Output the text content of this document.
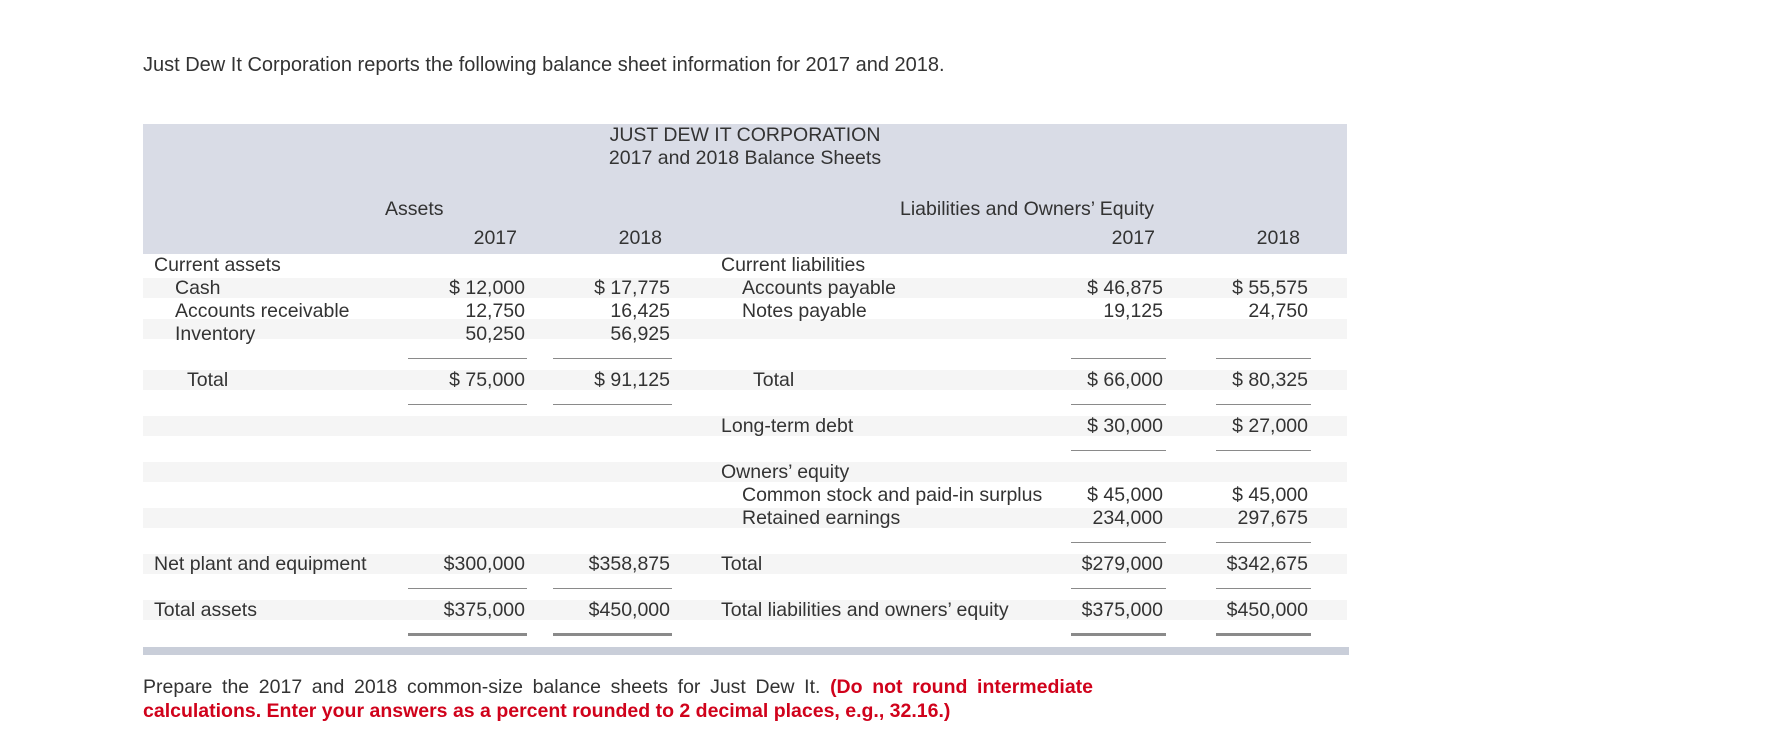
Just Dew It Corporation reports the following balance sheet information for 2017 and 2018.
JUST DEW IT CORPORATION
2017 and 2018 Balance Sheets
Assets	Liabilities and Owners’ Equity
2017	2018	2017	2018
Current assets
Cash	$ 12,000	$ 17,775
Accounts receivable	12,750	16,425
Inventory	50,250	56,925
Total	$ 75,000	$ 91,125
Net plant and equipment	$300,000	$358,875
Total assets	$375,000	$450,000
Current liabilities
Accounts payable	$ 46,875	$ 55,575
Notes payable	19,125	24,750
Total	$ 66,000	$ 80,325
Long-term debt	$ 30,000	$ 27,000
Owners’ equity
Common stock and paid-in surplus	$ 45,000	$ 45,000
Retained earnings	234,000	297,675
Total	$279,000	$342,675
Total liabilities and owners’ equity	$375,000	$450,000
Prepare the 2017 and 2018 common-size balance sheets for Just Dew It. (Do not round intermediate calculations. Enter your answers as a percent rounded to 2 decimal places, e.g., 32.16.)
